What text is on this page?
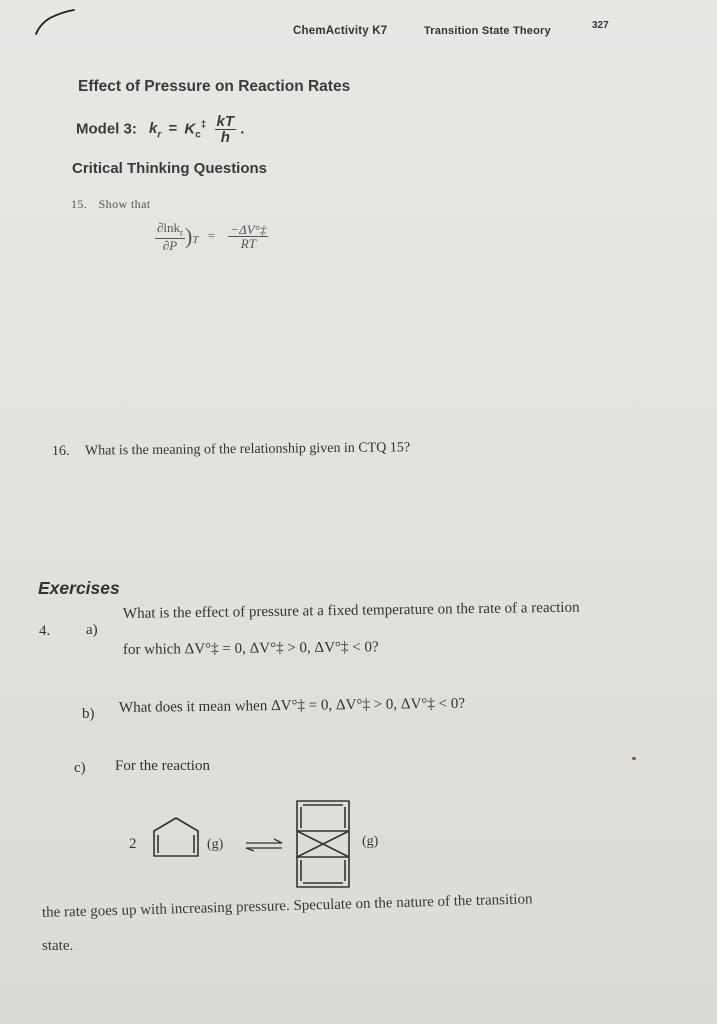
ChemActivity K7	Transition State Theory	327
Effect of Pressure on Reaction Rates
Model 3: $k_r = K_c^\ddagger \frac{kT}{h}$ .
Critical Thinking Questions
15. Show that
$\frac{\partial\ln k_r}{\partial P} )_T = \frac{-\Delta V^\circ\ddagger}{RT}$
16. What is the meaning of the relationship given in CTQ 15?
Exercises
4. a)
What is the effect of pressure at a fixed temperature on the rate of a reaction
for which ΔV°‡ = 0, ΔV°‡ > 0, ΔV°‡ < 0?
b) What does it mean when ΔV°‡ = 0, ΔV°‡ > 0, ΔV°‡ < 0?
c) For the reaction
2	(g) ⇌	(g)
the rate goes up with increasing pressure. Speculate on the nature of the transition
state.
